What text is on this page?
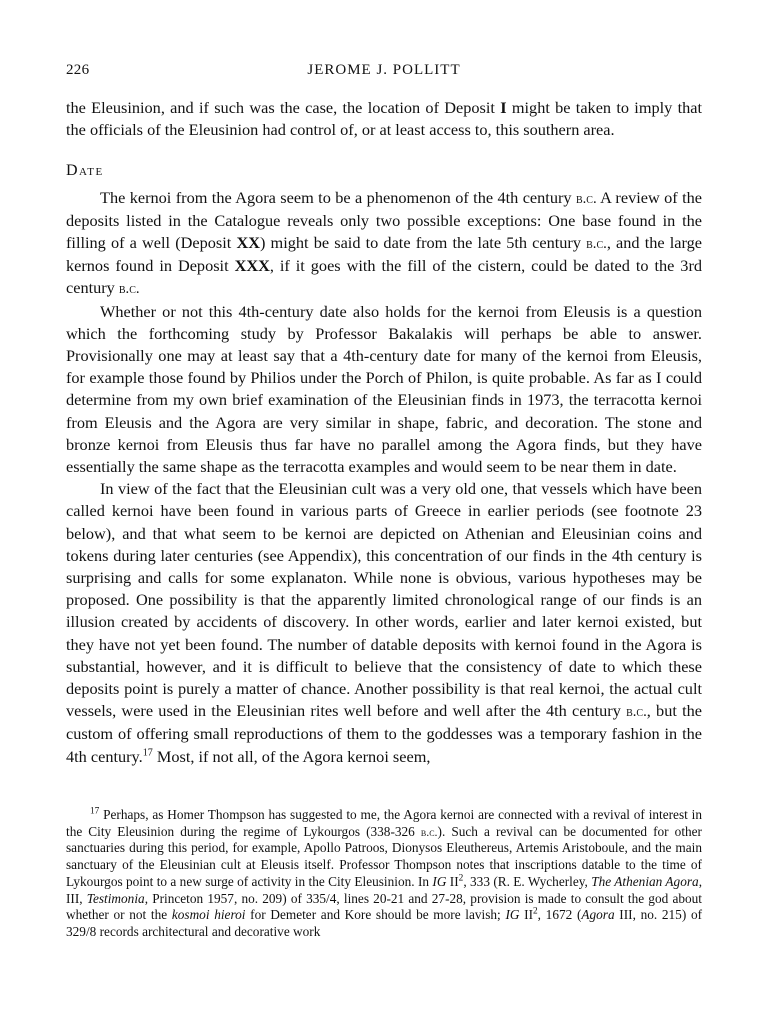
226	JEROME J. POLLITT

the Eleusinion, and if such was the case, the location of Deposit I might be taken to imply that the officials of the Eleusinion had control of, or at least access to, this southern area.

Date

The kernoi from the Agora seem to be a phenomenon of the 4th century b.c. A review of the deposits listed in the Catalogue reveals only two possible exceptions: One base found in the filling of a well (Deposit XX) might be said to date from the late 5th century b.c., and the large kernos found in Deposit XXX, if it goes with the fill of the cistern, could be dated to the 3rd century b.c.

Whether or not this 4th-century date also holds for the kernoi from Eleusis is a question which the forthcoming study by Professor Bakalakis will perhaps be able to answer. Provisionally one may at least say that a 4th-century date for many of the kernoi from Eleusis, for example those found by Philios under the Porch of Philon, is quite probable. As far as I could determine from my own brief examination of the Eleusinian finds in 1973, the terracotta kernoi from Eleusis and the Agora are very similar in shape, fabric, and decoration. The stone and bronze kernoi from Eleusis thus far have no parallel among the Agora finds, but they have essentially the same shape as the terracotta examples and would seem to be near them in date.

In view of the fact that the Eleusinian cult was a very old one, that vessels which have been called kernoi have been found in various parts of Greece in earlier periods (see footnote 23 below), and that what seem to be kernoi are depicted on Athenian and Eleusinian coins and tokens during later centuries (see Appendix), this concentration of our finds in the 4th century is surprising and calls for some explanaton. While none is obvious, various hypotheses may be proposed. One possibility is that the apparently limited chronological range of our finds is an illusion created by accidents of discovery. In other words, earlier and later kernoi existed, but they have not yet been found. The number of datable deposits with kernoi found in the Agora is substantial, however, and it is difficult to believe that the consistency of date to which these deposits point is purely a matter of chance. Another possibility is that real kernoi, the actual cult vessels, were used in the Eleusinian rites well before and well after the 4th century b.c., but the custom of offering small reproductions of them to the goddesses was a temporary fashion in the 4th century.$^{17}$ Most, if not all, of the Agora kernoi seem,

$^{17}$ Perhaps, as Homer Thompson has suggested to me, the Agora kernoi are connected with a revival of interest in the City Eleusinion during the regime of Lykourgos (338-326 b.c.). Such a revival can be documented for other sanctuaries during this period, for example, Apollo Patroos, Dionysos Eleuthereus, Artemis Aristoboule, and the main sanctuary of the Eleusinian cult at Eleusis itself. Professor Thompson notes that inscriptions datable to the time of Lykourgos point to a new surge of activity in the City Eleusinion. In IG $II^2$, 333 (R. E. Wycherley, The Athenian Agora, III, Testimonia, Princeton 1957, no. 209) of 335/4, lines 20-21 and 27-28, provision is made to consult the god about whether or not the kosmoi hieroi for Demeter and Kore should be more lavish; IG $II^2$, 1672 (Agora III, no. 215) of 329/8 records architectural and decorative work
